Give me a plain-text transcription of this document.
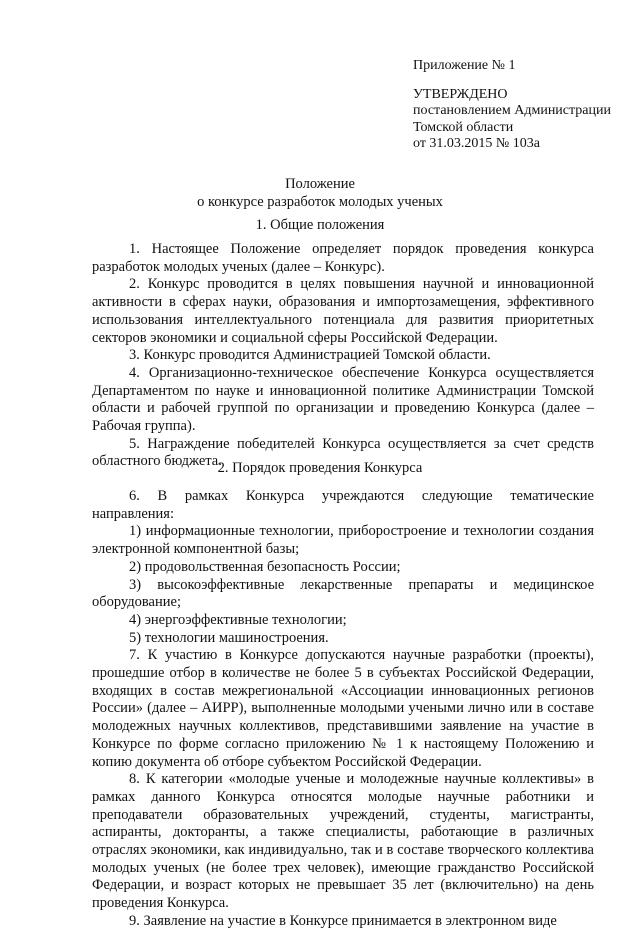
Приложение № 1
УТВЕРЖДЕНО
постановлением Администрации
Томской области
от 31.03.2015 № 103а
Положение
о конкурсе разработок молодых ученых
1. Общие положения

1. Настоящее Положение определяет порядок проведения конкурса разработок молодых ученых (далее – Конкурс).

2. Конкурс проводится в целях повышения научной и инновационной активности в сферах науки, образования и импортозамещения, эффективного использования интеллектуального потенциала для развития приоритетных секторов экономики и социальной сферы Российской Федерации.

3. Конкурс проводится Администрацией Томской области.

4. Организационно-техническое обеспечение Конкурса осуществляется Департаментом по науке и инновационной политике Администрации Томской области и рабочей группой по организации и проведению Конкурса (далее – Рабочая группа).

5. Награждение победителей Конкурса осуществляется за счет средств областного бюджета.

2. Порядок проведения Конкурса

6. В рамках Конкурса учреждаются следующие тематические направления:

1) информационные технологии, приборостроение и технологии создания электронной компонентной базы;

2) продовольственная безопасность России;

3) высокоэффективные лекарственные препараты и медицинское оборудование;

4) энергоэффективные технологии;

5) технологии машиностроения.

7. К участию в Конкурсе допускаются научные разработки (проекты), прошедшие отбор в количестве не более 5 в субъектах Российской Федерации, входящих в состав межрегиональной «Ассоциации инновационных регионов России» (далее – АИРР), выполненные молодыми учеными лично или в составе молодежных научных коллективов, представившими заявление на участие в Конкурсе по форме согласно приложению № 1 к настоящему Положению и копию документа об отборе субъектом Российской Федерации.

8. К категории «молодые ученые и молодежные научные коллективы» в рамках данного Конкурса относятся молодые научные работники и преподаватели образовательных учреждений, студенты, магистранты, аспиранты, докторанты, а также специалисты, работающие в различных отраслях экономики, как индивидуально, так и в составе творческого коллектива молодых ученых (не более трех человек), имеющие гражданство Российской Федерации, и возраст которых не превышает 35 лет (включительно) на день проведения Конкурса.

9. Заявление на участие в Конкурсе принимается в электронном виде
